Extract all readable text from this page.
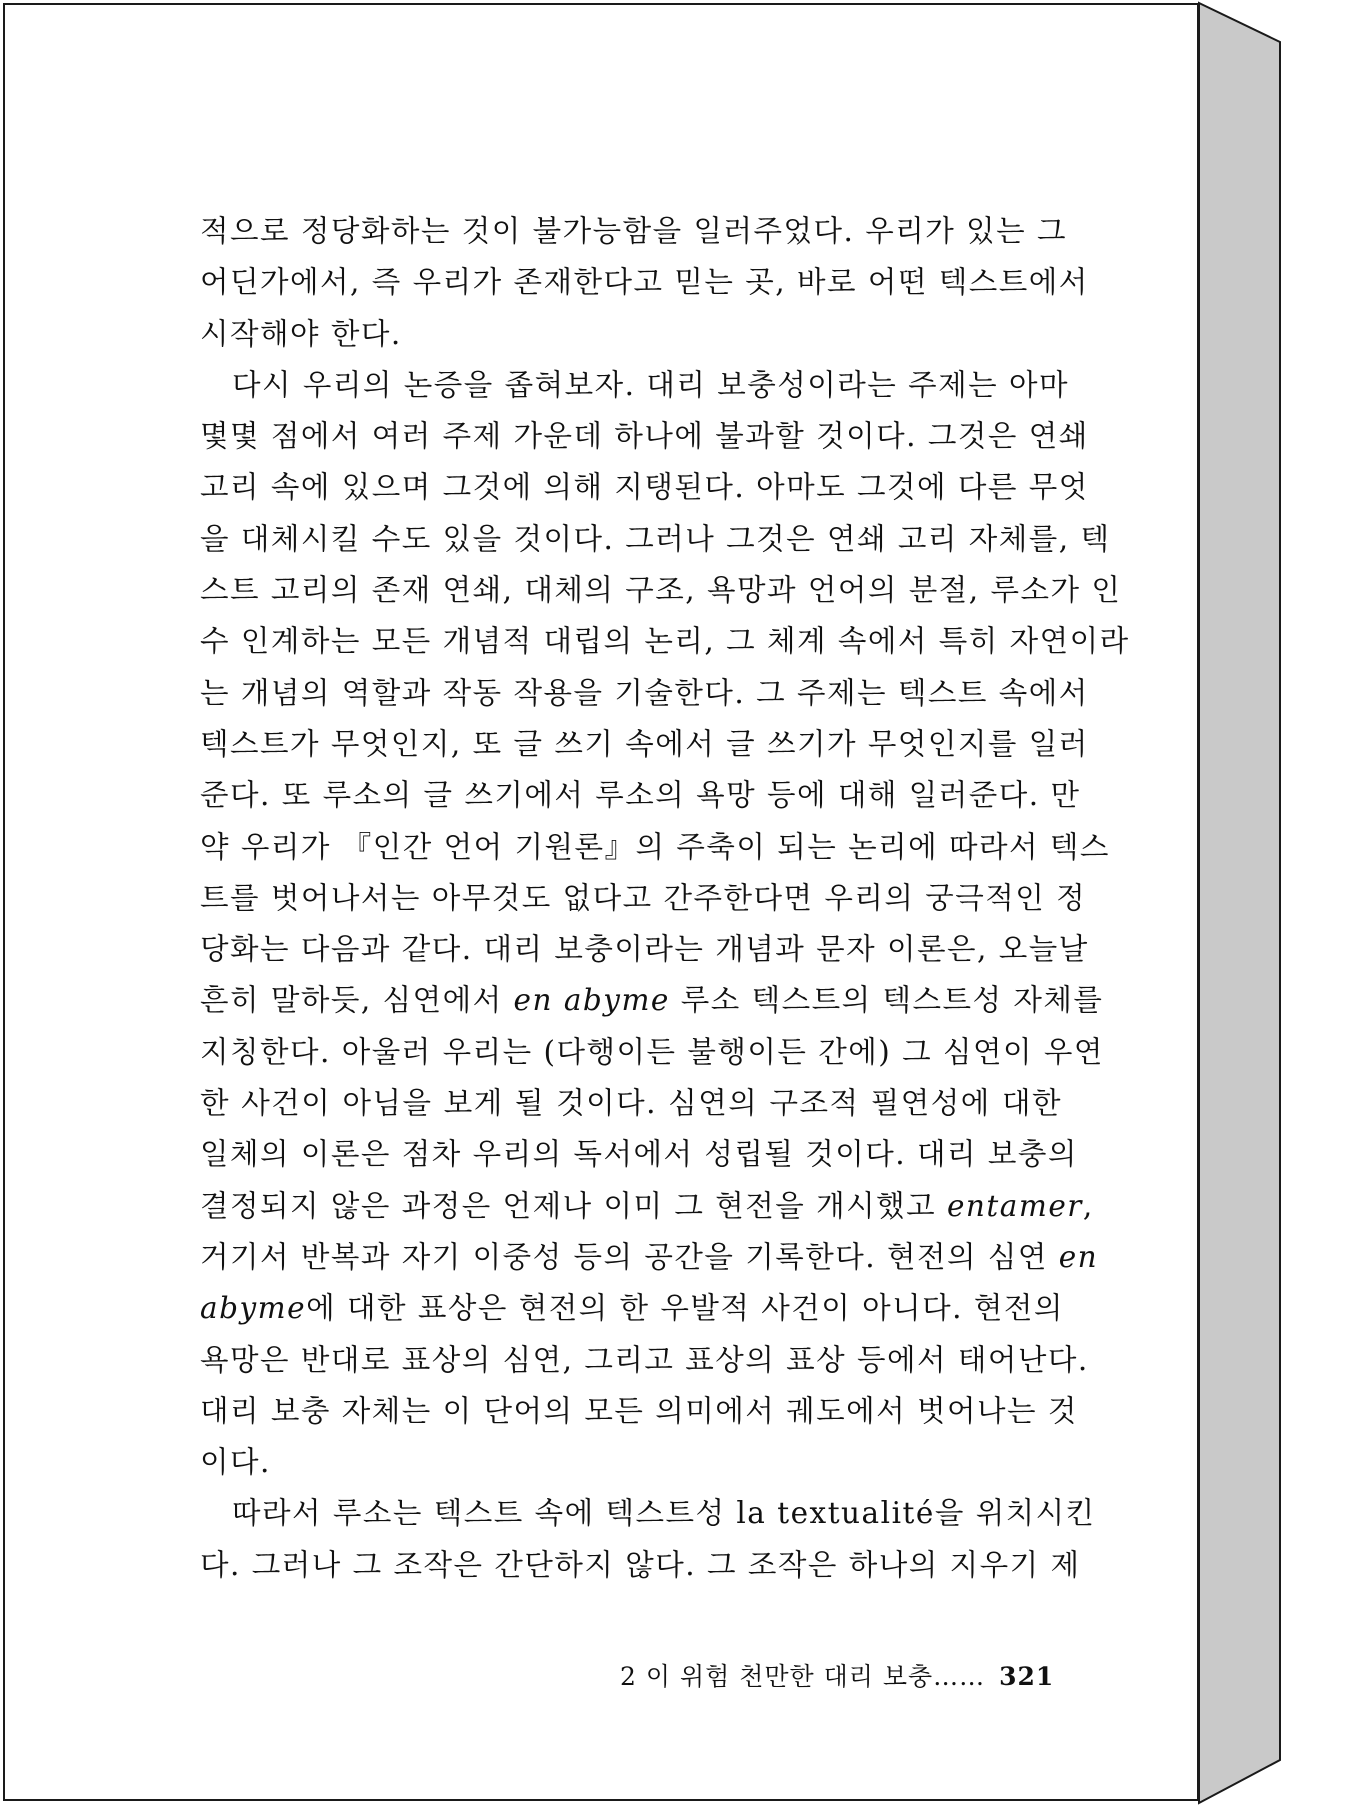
적으로 정당화하는 것이 불가능함을 일러주었다. 우리가 있는 그
어딘가에서, 즉 우리가 존재한다고 믿는 곳, 바로 어떤 텍스트에서
시작해야 한다.
다시 우리의 논증을 좁혀보자. 대리 보충성이라는 주제는 아마
몇몇 점에서 여러 주제 가운데 하나에 불과할 것이다. 그것은 연쇄
고리 속에 있으며 그것에 의해 지탱된다. 아마도 그것에 다른 무엇
을 대체시킬 수도 있을 것이다. 그러나 그것은 연쇄 고리 자체를, 텍
스트 고리의 존재 연쇄, 대체의 구조, 욕망과 언어의 분절, 루소가 인
수 인계하는 모든 개념적 대립의 논리, 그 체계 속에서 특히 자연이라
는 개념의 역할과 작동 작용을 기술한다. 그 주제는 텍스트 속에서
텍스트가 무엇인지, 또 글 쓰기 속에서 글 쓰기가 무엇인지를 일러
준다. 또 루소의 글 쓰기에서 루소의 욕망 등에 대해 일러준다. 만
약 우리가 『인간 언어 기원론』의 주축이 되는 논리에 따라서 텍스
트를 벗어나서는 아무것도 없다고 간주한다면 우리의 궁극적인 정
당화는 다음과 같다. 대리 보충이라는 개념과 문자 이론은, 오늘날
흔히 말하듯, 심연에서 en abyme 루소 텍스트의 텍스트성 자체를
지칭한다. 아울러 우리는 (다행이든 불행이든 간에) 그 심연이 우연
한 사건이 아님을 보게 될 것이다. 심연의 구조적 필연성에 대한
일체의 이론은 점차 우리의 독서에서 성립될 것이다. 대리 보충의
결정되지 않은 과정은 언제나 이미 그 현전을 개시했고 entamer,
거기서 반복과 자기 이중성 등의 공간을 기록한다. 현전의 심연 en
abyme에 대한 표상은 현전의 한 우발적 사건이 아니다. 현전의
욕망은 반대로 표상의 심연, 그리고 표상의 표상 등에서 태어난다.
대리 보충 자체는 이 단어의 모든 의미에서 궤도에서 벗어나는 것
이다.
따라서 루소는 텍스트 속에 텍스트성 la textualité을 위치시킨
다. 그러나 그 조작은 간단하지 않다. 그 조작은 하나의 지우기 제
2 이 위험 천만한 대리 보충…… 321
